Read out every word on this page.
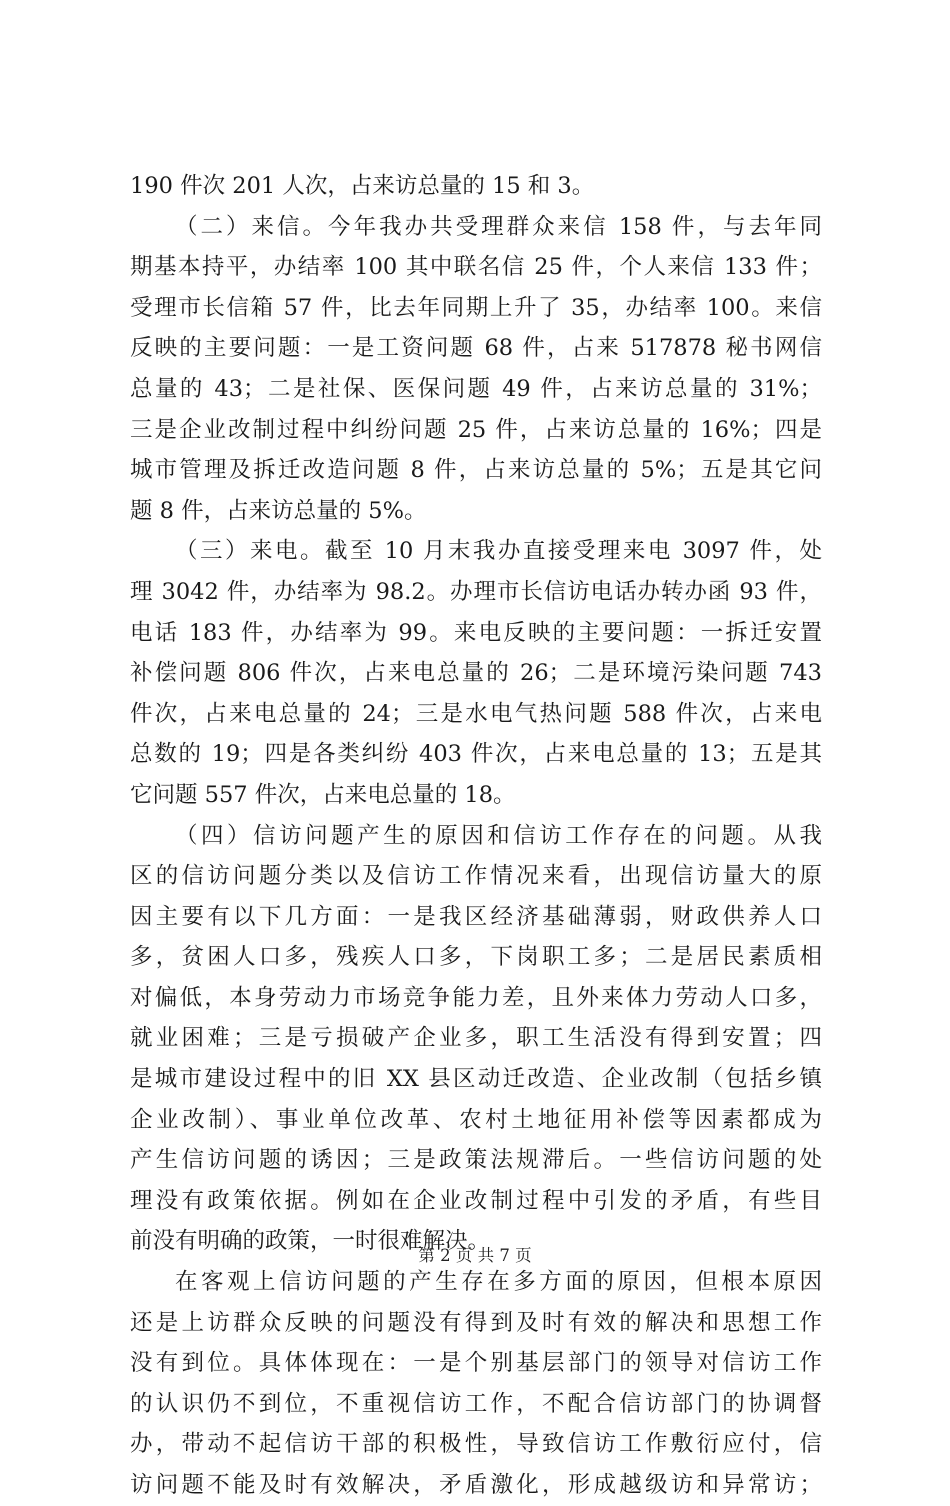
190 件次 201 人次，占来访总量的 15 和 3。
（二）来信。今年我办共受理群众来信 158 件，与去年同
期基本持平，办结率 100 其中联名信 25 件，个人来信 133 件；
受理市长信箱 57 件，比去年同期上升了 35，办结率 100。来信
反映的主要问题：一是工资问题 68 件，占来 517878 秘书网信
总量的 43；二是社保、医保问题 49 件，占来访总量的 31%；
三是企业改制过程中纠纷问题 25 件，占来访总量的 16%；四是
城市管理及拆迁改造问题 8 件，占来访总量的 5%；五是其它问
题 8 件，占来访总量的 5%。
（三）来电。截至 10 月末我办直接受理来电 3097 件，处
理 3042 件，办结率为 98.2。办理市长信访电话办转办函 93 件，
电话 183 件，办结率为 99。来电反映的主要问题：一拆迁安置
补偿问题 806 件次，占来电总量的 26；二是环境污染问题 743
件次，占来电总量的 24；三是水电气热问题 588 件次，占来电
总数的 19；四是各类纠纷 403 件次，占来电总量的 13；五是其
它问题 557 件次，占来电总量的 18。
（四）信访问题产生的原因和信访工作存在的问题。从我
区的信访问题分类以及信访工作情况来看，出现信访量大的原
因主要有以下几方面：一是我区经济基础薄弱，财政供养人口
多，贫困人口多，残疾人口多，下岗职工多；二是居民素质相
对偏低，本身劳动力市场竞争能力差，且外来体力劳动人口多，
就业困难；三是亏损破产企业多，职工生活没有得到安置；四
是城市建设过程中的旧 XX 县区动迁改造、企业改制（包括乡镇
企业改制）、事业单位改革、农村土地征用补偿等因素都成为
产生信访问题的诱因；三是政策法规滞后。一些信访问题的处
理没有政策依据。例如在企业改制过程中引发的矛盾，有些目
前没有明确的政策，一时很难解决。
在客观上信访问题的产生存在多方面的原因，但根本原因
还是上访群众反映的问题没有得到及时有效的解决和思想工作
没有到位。具体体现在：一是个别基层部门的领导对信访工作
的认识仍不到位，不重视信访工作，不配合信访部门的协调督
办，带动不起信访干部的积极性，导致信访工作敷衍应付，信
访问题不能及时有效解决，矛盾激化，形成越级访和异常访；
第 2 页 共 7 页
